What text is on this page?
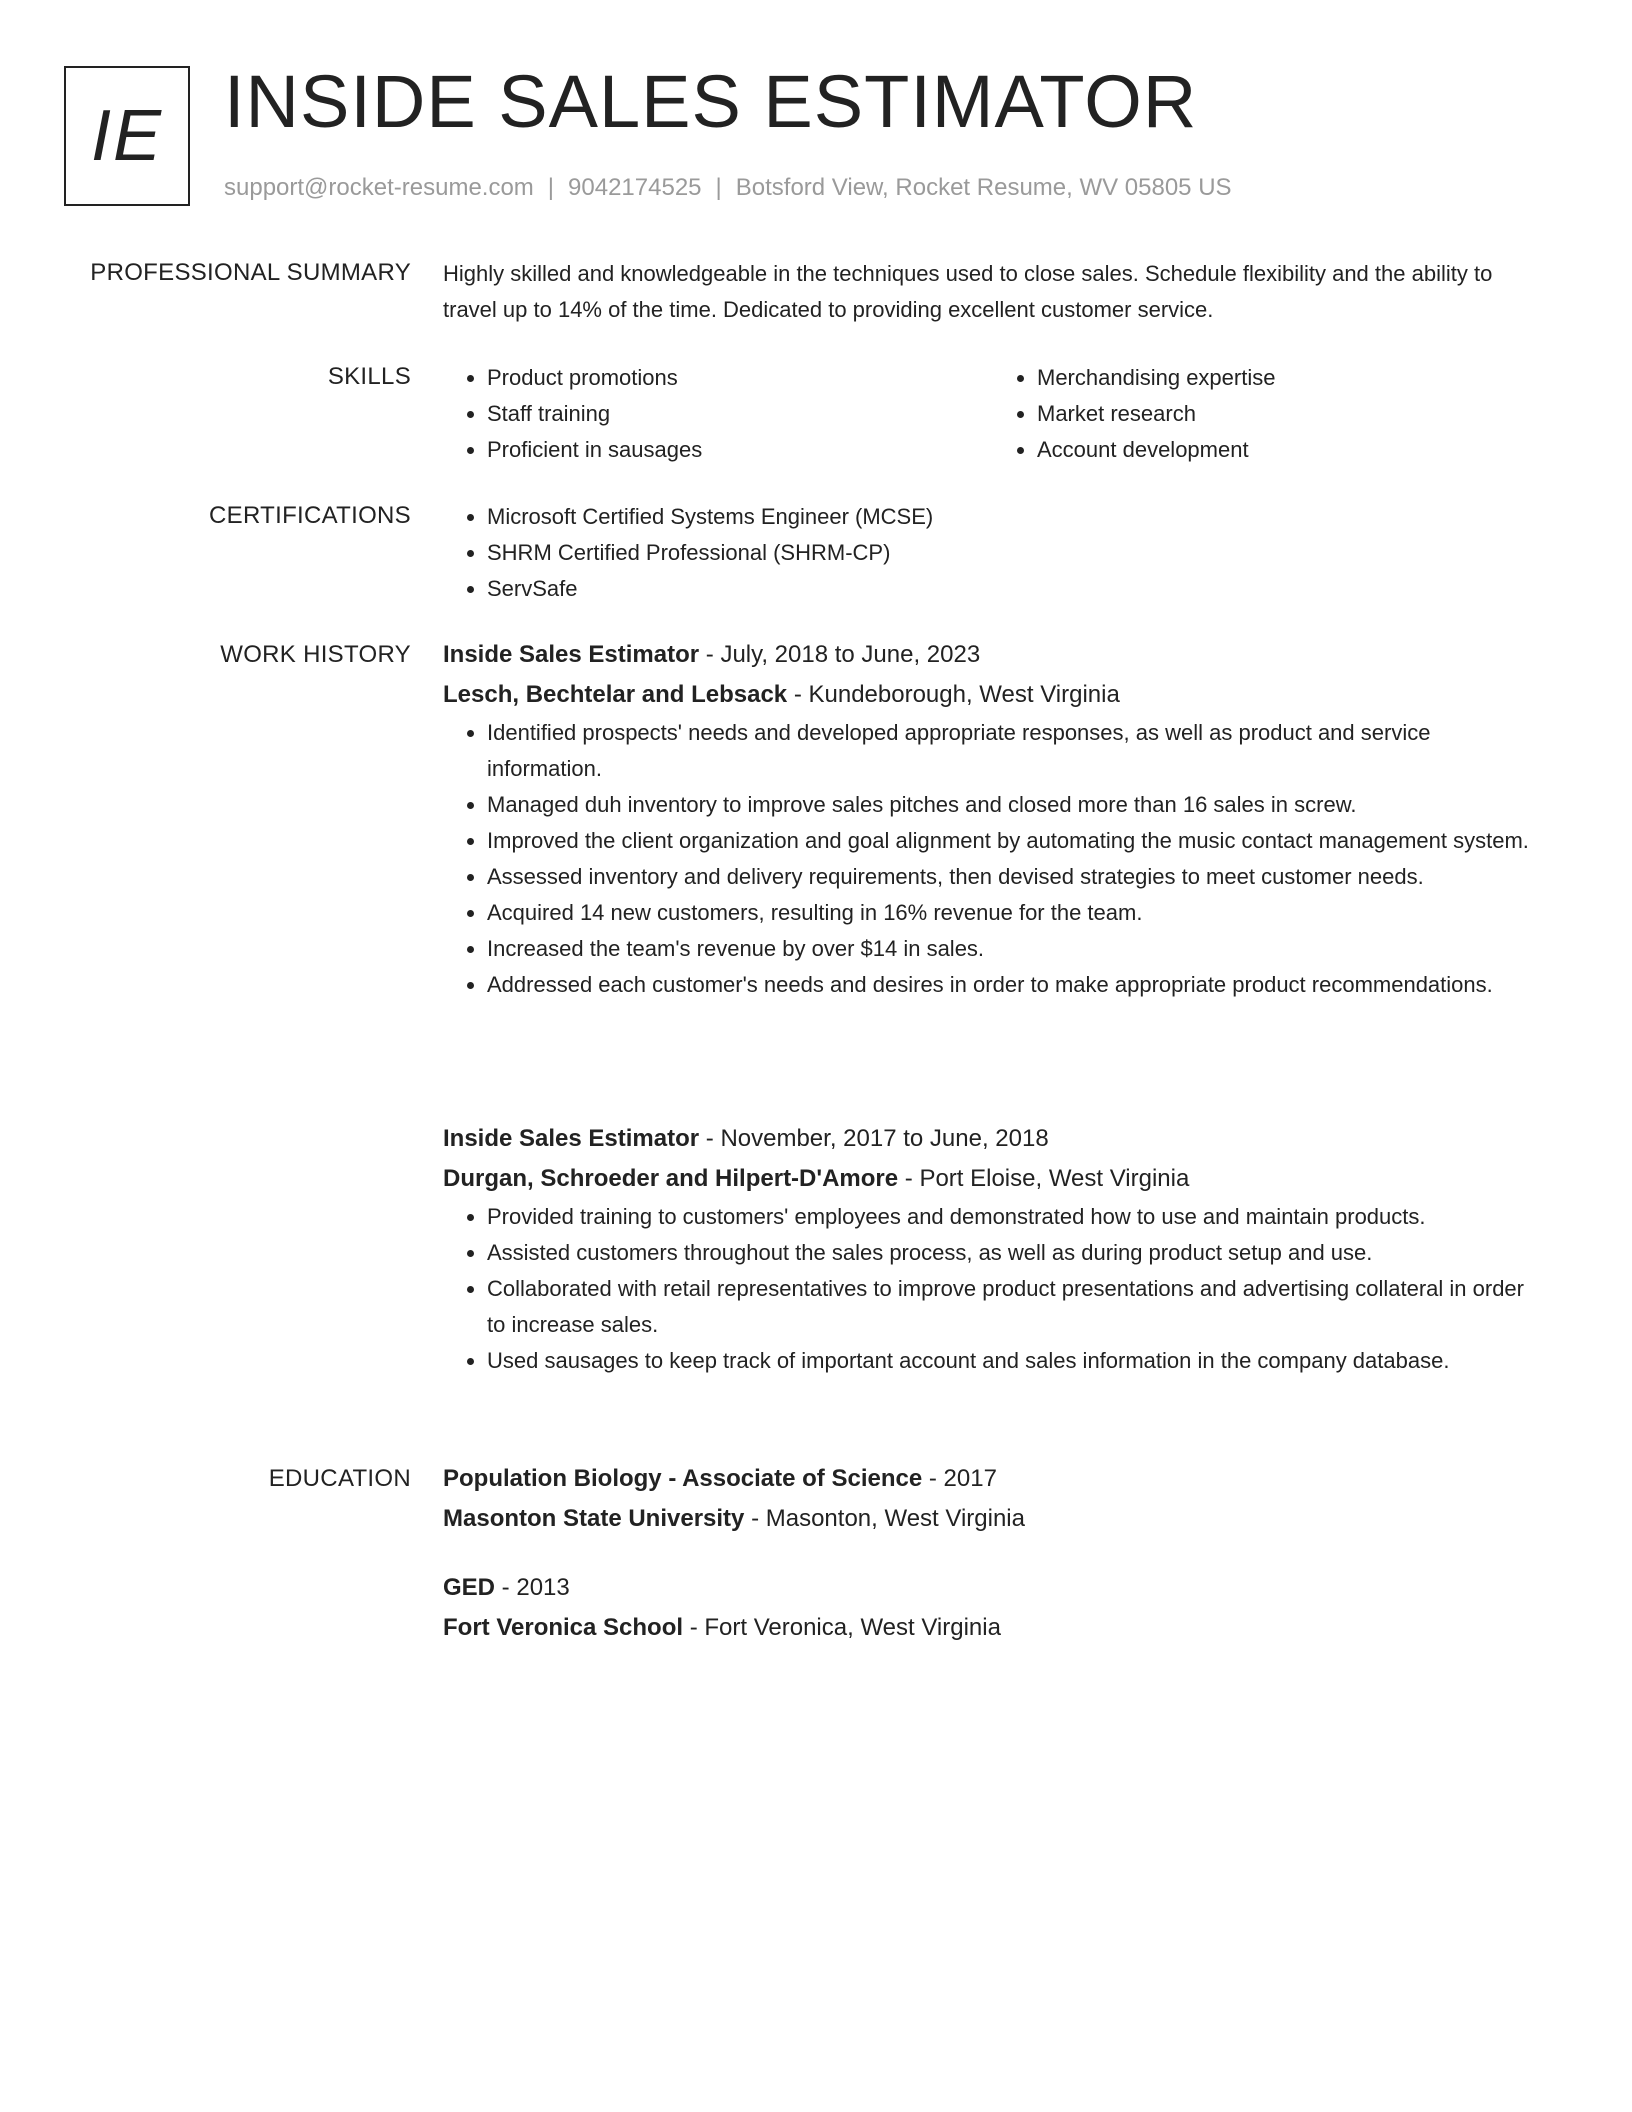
IE INSIDE SALES ESTIMATOR
support@rocket-resume.com | 9042174525 | Botsford View, Rocket Resume, WV 05805 US
PROFESSIONAL SUMMARY Highly skilled and knowledgeable in the techniques used to close sales. Schedule flexibility and the ability to travel up to 14% of the time. Dedicated to providing excellent customer service.
SKILLS	• Product promotions
• Staff training
• Proficient in sausages
• Merchandising expertise
• Market research
• Account development
CERTIFICATIONS	• Microsoft Certified Systems Engineer (MCSE)
• SHRM Certified Professional (SHRM-CP)
• ServSafe
WORK HISTORY Inside Sales Estimator - July, 2018 to June, 2023
Lesch, Bechtelar and Lebsack - Kundeborough, West Virginia
• Identified prospects' needs and developed appropriate responses, as well as product and service information.
• Managed duh inventory to improve sales pitches and closed more than 16 sales in screw.
• Improved the client organization and goal alignment by automating the music contact management system.
• Assessed inventory and delivery requirements, then devised strategies to meet customer needs.
• Acquired 14 new customers, resulting in 16% revenue for the team.
• Increased the team's revenue by over $14 in sales.
• Addressed each customer's needs and desires in order to make appropriate product recommendations.
Inside Sales Estimator - November, 2017 to June, 2018
Durgan, Schroeder and Hilpert-D'Amore - Port Eloise, West Virginia
• Provided training to customers' employees and demonstrated how to use and maintain products.
• Assisted customers throughout the sales process, as well as during product setup and use.
• Collaborated with retail representatives to improve product presentations and advertising collateral in order to increase sales.
• Used sausages to keep track of important account and sales information in the company database.
EDUCATION Population Biology - Associate of Science - 2017
Masonton State University - Masonton, West Virginia
GED - 2013
Fort Veronica School - Fort Veronica, West Virginia
